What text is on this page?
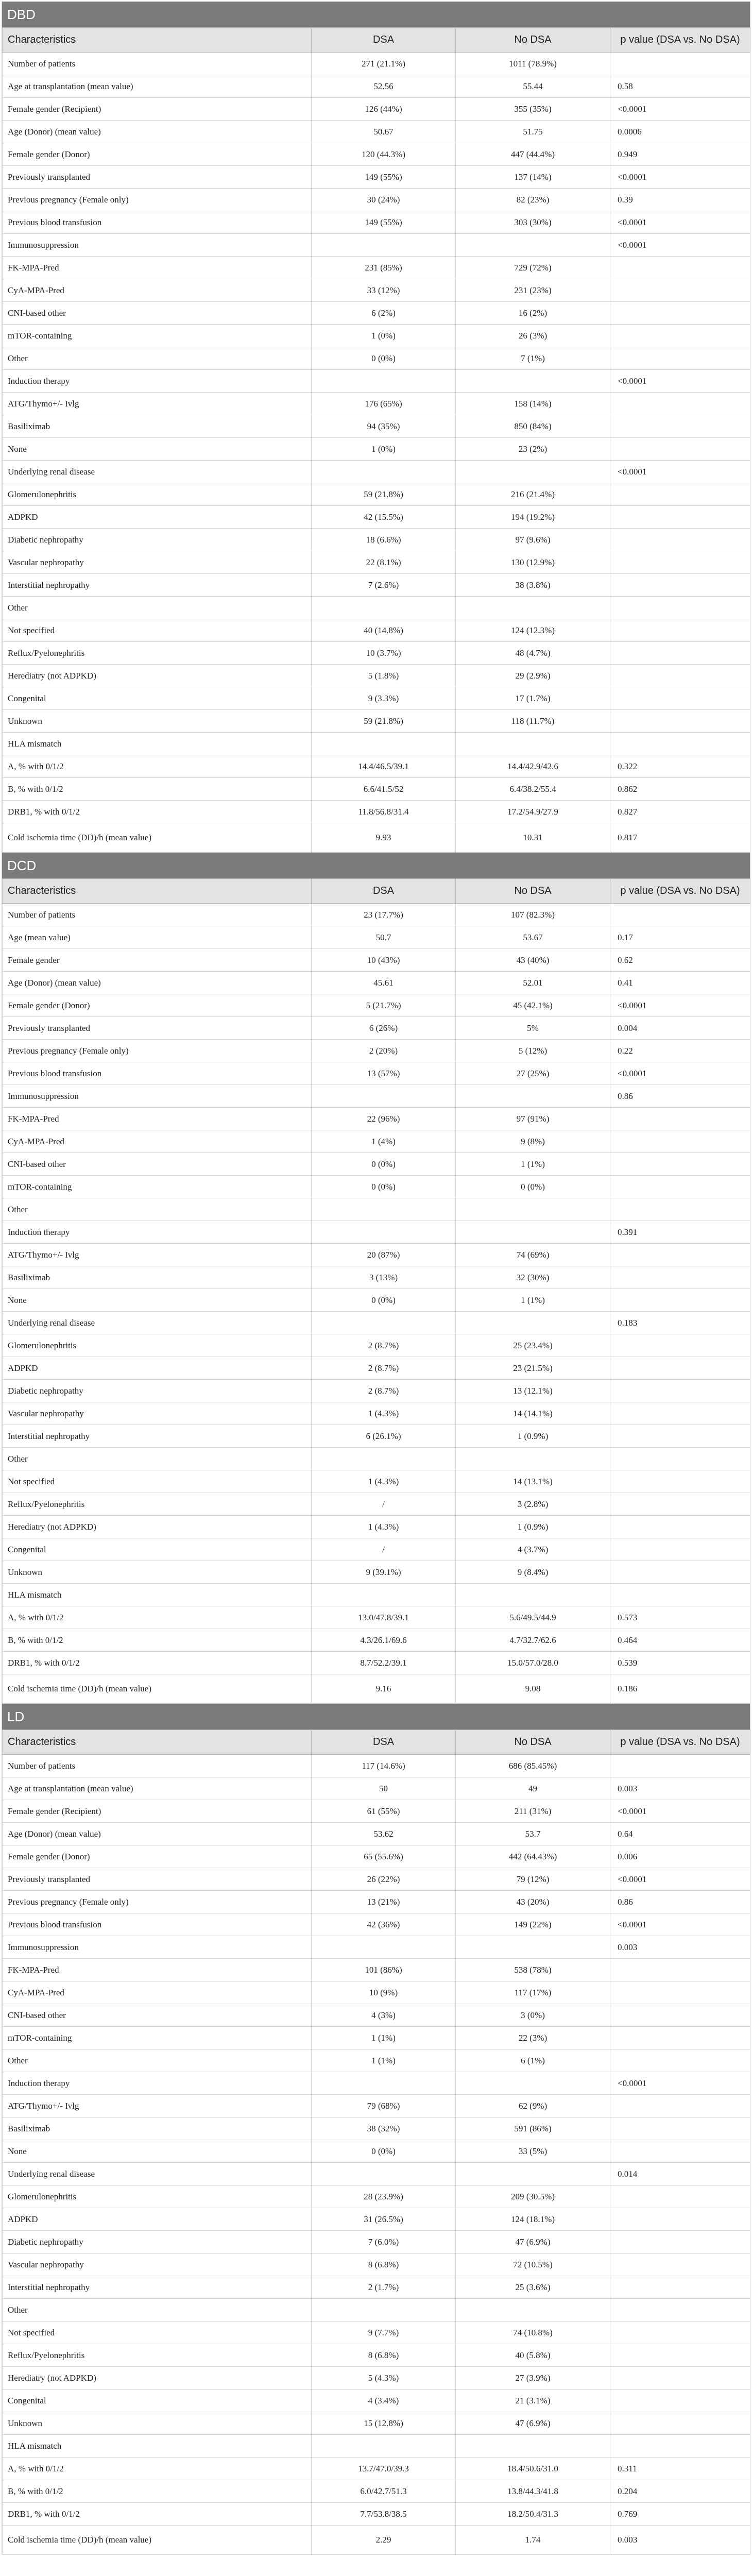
DBD
Characteristics	DSA	No DSA	p value (DSA vs. No DSA)
Number of patients	271 (21.1%)	1011 (78.9%)	
Age at transplantation (mean value)	52.56	55.44	0.58
Female gender (Recipient)	126 (44%)	355 (35%)	<0.0001
Age (Donor) (mean value)	50.67	51.75	0.0006
Female gender (Donor)	120 (44.3%)	447 (44.4%)	0.949
Previously transplanted	149 (55%)	137 (14%)	<0.0001
Previous pregnancy (Female only)	30 (24%)	82 (23%)	0.39
Previous blood transfusion	149 (55%)	303 (30%)	<0.0001
Immunosuppression			<0.0001
FK-MPA-Pred	231 (85%)	729 (72%)	
CyA-MPA-Pred	33 (12%)	231 (23%)	
CNI-based other	6 (2%)	16 (2%)	
mTOR-containing	1 (0%)	26 (3%)	
Other	0 (0%)	7 (1%)	
Induction therapy			<0.0001
ATG/Thymo+/- Ivlg	176 (65%)	158 (14%)	
Basiliximab	94 (35%)	850 (84%)	
None	1 (0%)	23 (2%)	
Underlying renal disease			<0.0001
Glomerulonephritis	59 (21.8%)	216 (21.4%)	
ADPKD	42 (15.5%)	194 (19.2%)	
Diabetic nephropathy	18 (6.6%)	97 (9.6%)	
Vascular nephropathy	22 (8.1%)	130 (12.9%)	
Interstitial nephropathy	7 (2.6%)	38 (3.8%)	
Other			
Not specified	40 (14.8%)	124 (12.3%)	
Reflux/Pyelonephritis	10 (3.7%)	48 (4.7%)	
Herediatry (not ADPKD)	5 (1.8%)	29 (2.9%)	
Congenital	9 (3.3%)	17 (1.7%)	
Unknown	59 (21.8%)	118 (11.7%)	
HLA mismatch			
A, % with 0/1/2	14.4/46.5/39.1	14.4/42.9/42.6	0.322
B, % with 0/1/2	6.6/41.5/52	6.4/38.2/55.4	0.862
DRB1, % with 0/1/2	11.8/56.8/31.4	17.2/54.9/27.9	0.827
Cold ischemia time (DD)/h (mean value)	9.93	10.31	0.817
DCD
Characteristics	DSA	No DSA	p value (DSA vs. No DSA)
Number of patients	23 (17.7%)	107 (82.3%)	
Age (mean value)	50.7	53.67	0.17
Female gender	10 (43%)	43 (40%)	0.62
Age (Donor) (mean value)	45.61	52.01	0.41
Female gender (Donor)	5 (21.7%)	45 (42.1%)	<0.0001
Previously transplanted	6 (26%)	5%	0.004
Previous pregnancy (Female only)	2 (20%)	5 (12%)	0.22
Previous blood transfusion	13 (57%)	27 (25%)	<0.0001
Immunosuppression			0.86
FK-MPA-Pred	22 (96%)	97 (91%)	
CyA-MPA-Pred	1 (4%)	9 (8%)	
CNI-based other	0 (0%)	1 (1%)	
mTOR-containing	0 (0%)	0 (0%)	
Other			
Induction therapy			0.391
ATG/Thymo+/- Ivlg	20 (87%)	74 (69%)	
Basiliximab	3 (13%)	32 (30%)	
None	0 (0%)	1 (1%)	
Underlying renal disease			0.183
Glomerulonephritis	2 (8.7%)	25 (23.4%)	
ADPKD	2 (8.7%)	23 (21.5%)	
Diabetic nephropathy	2 (8.7%)	13 (12.1%)	
Vascular nephropathy	1 (4.3%)	14 (14.1%)	
Interstitial nephropathy	6 (26.1%)	1 (0.9%)	
Other			
Not specified	1 (4.3%)	14 (13.1%)	
Reflux/Pyelonephritis	/	3 (2.8%)	
Herediatry (not ADPKD)	1 (4.3%)	1 (0.9%)	
Congenital	/	4 (3.7%)	
Unknown	9 (39.1%)	9 (8.4%)	
HLA mismatch			
A, % with 0/1/2	13.0/47.8/39.1	5.6/49.5/44.9	0.573
B, % with 0/1/2	4.3/26.1/69.6	4.7/32.7/62.6	0.464
DRB1, % with 0/1/2	8.7/52.2/39.1	15.0/57.0/28.0	0.539
Cold ischemia time (DD)/h (mean value)	9.16	9.08	0.186
LD
Characteristics	DSA	No DSA	p value (DSA vs. No DSA)
Number of patients	117 (14.6%)	686 (85.45%)	
Age at transplantation (mean value)	50	49	0.003
Female gender (Recipient)	61 (55%)	211 (31%)	<0.0001
Age (Donor) (mean value)	53.62	53.7	0.64
Female gender (Donor)	65 (55.6%)	442 (64.43%)	0.006
Previously transplanted	26 (22%)	79 (12%)	<0.0001
Previous pregnancy (Female only)	13 (21%)	43 (20%)	0.86
Previous blood transfusion	42 (36%)	149 (22%)	<0.0001
Immunosuppression			0.003
FK-MPA-Pred	101 (86%)	538 (78%)	
CyA-MPA-Pred	10 (9%)	117 (17%)	
CNI-based other	4 (3%)	3 (0%)	
mTOR-containing	1 (1%)	22 (3%)	
Other	1 (1%)	6 (1%)	
Induction therapy			<0.0001
ATG/Thymo+/- Ivlg	79 (68%)	62 (9%)	
Basiliximab	38 (32%)	591 (86%)	
None	0 (0%)	33 (5%)	
Underlying renal disease			0.014
Glomerulonephritis	28 (23.9%)	209 (30.5%)	
ADPKD	31 (26.5%)	124 (18.1%)	
Diabetic nephropathy	7 (6.0%)	47 (6.9%)	
Vascular nephropathy	8 (6.8%)	72 (10.5%)	
Interstitial nephropathy	2 (1.7%)	25 (3.6%)	
Other			
Not specified	9 (7.7%)	74 (10.8%)	
Reflux/Pyelonephritis	8 (6.8%)	40 (5.8%)	
Herediatry (not ADPKD)	5 (4.3%)	27 (3.9%)	
Congenital	4 (3.4%)	21 (3.1%)	
Unknown	15 (12.8%)	47 (6.9%)	
HLA mismatch			
A, % with 0/1/2	13.7/47.0/39.3	18.4/50.6/31.0	0.311
B, % with 0/1/2	6.0/42.7/51.3	13.8/44.3/41.8	0.204
DRB1, % with 0/1/2	7.7/53.8/38.5	18.2/50.4/31.3	0.769
Cold ischemia time (DD)/h (mean value)	2.29	1.74	0.003
